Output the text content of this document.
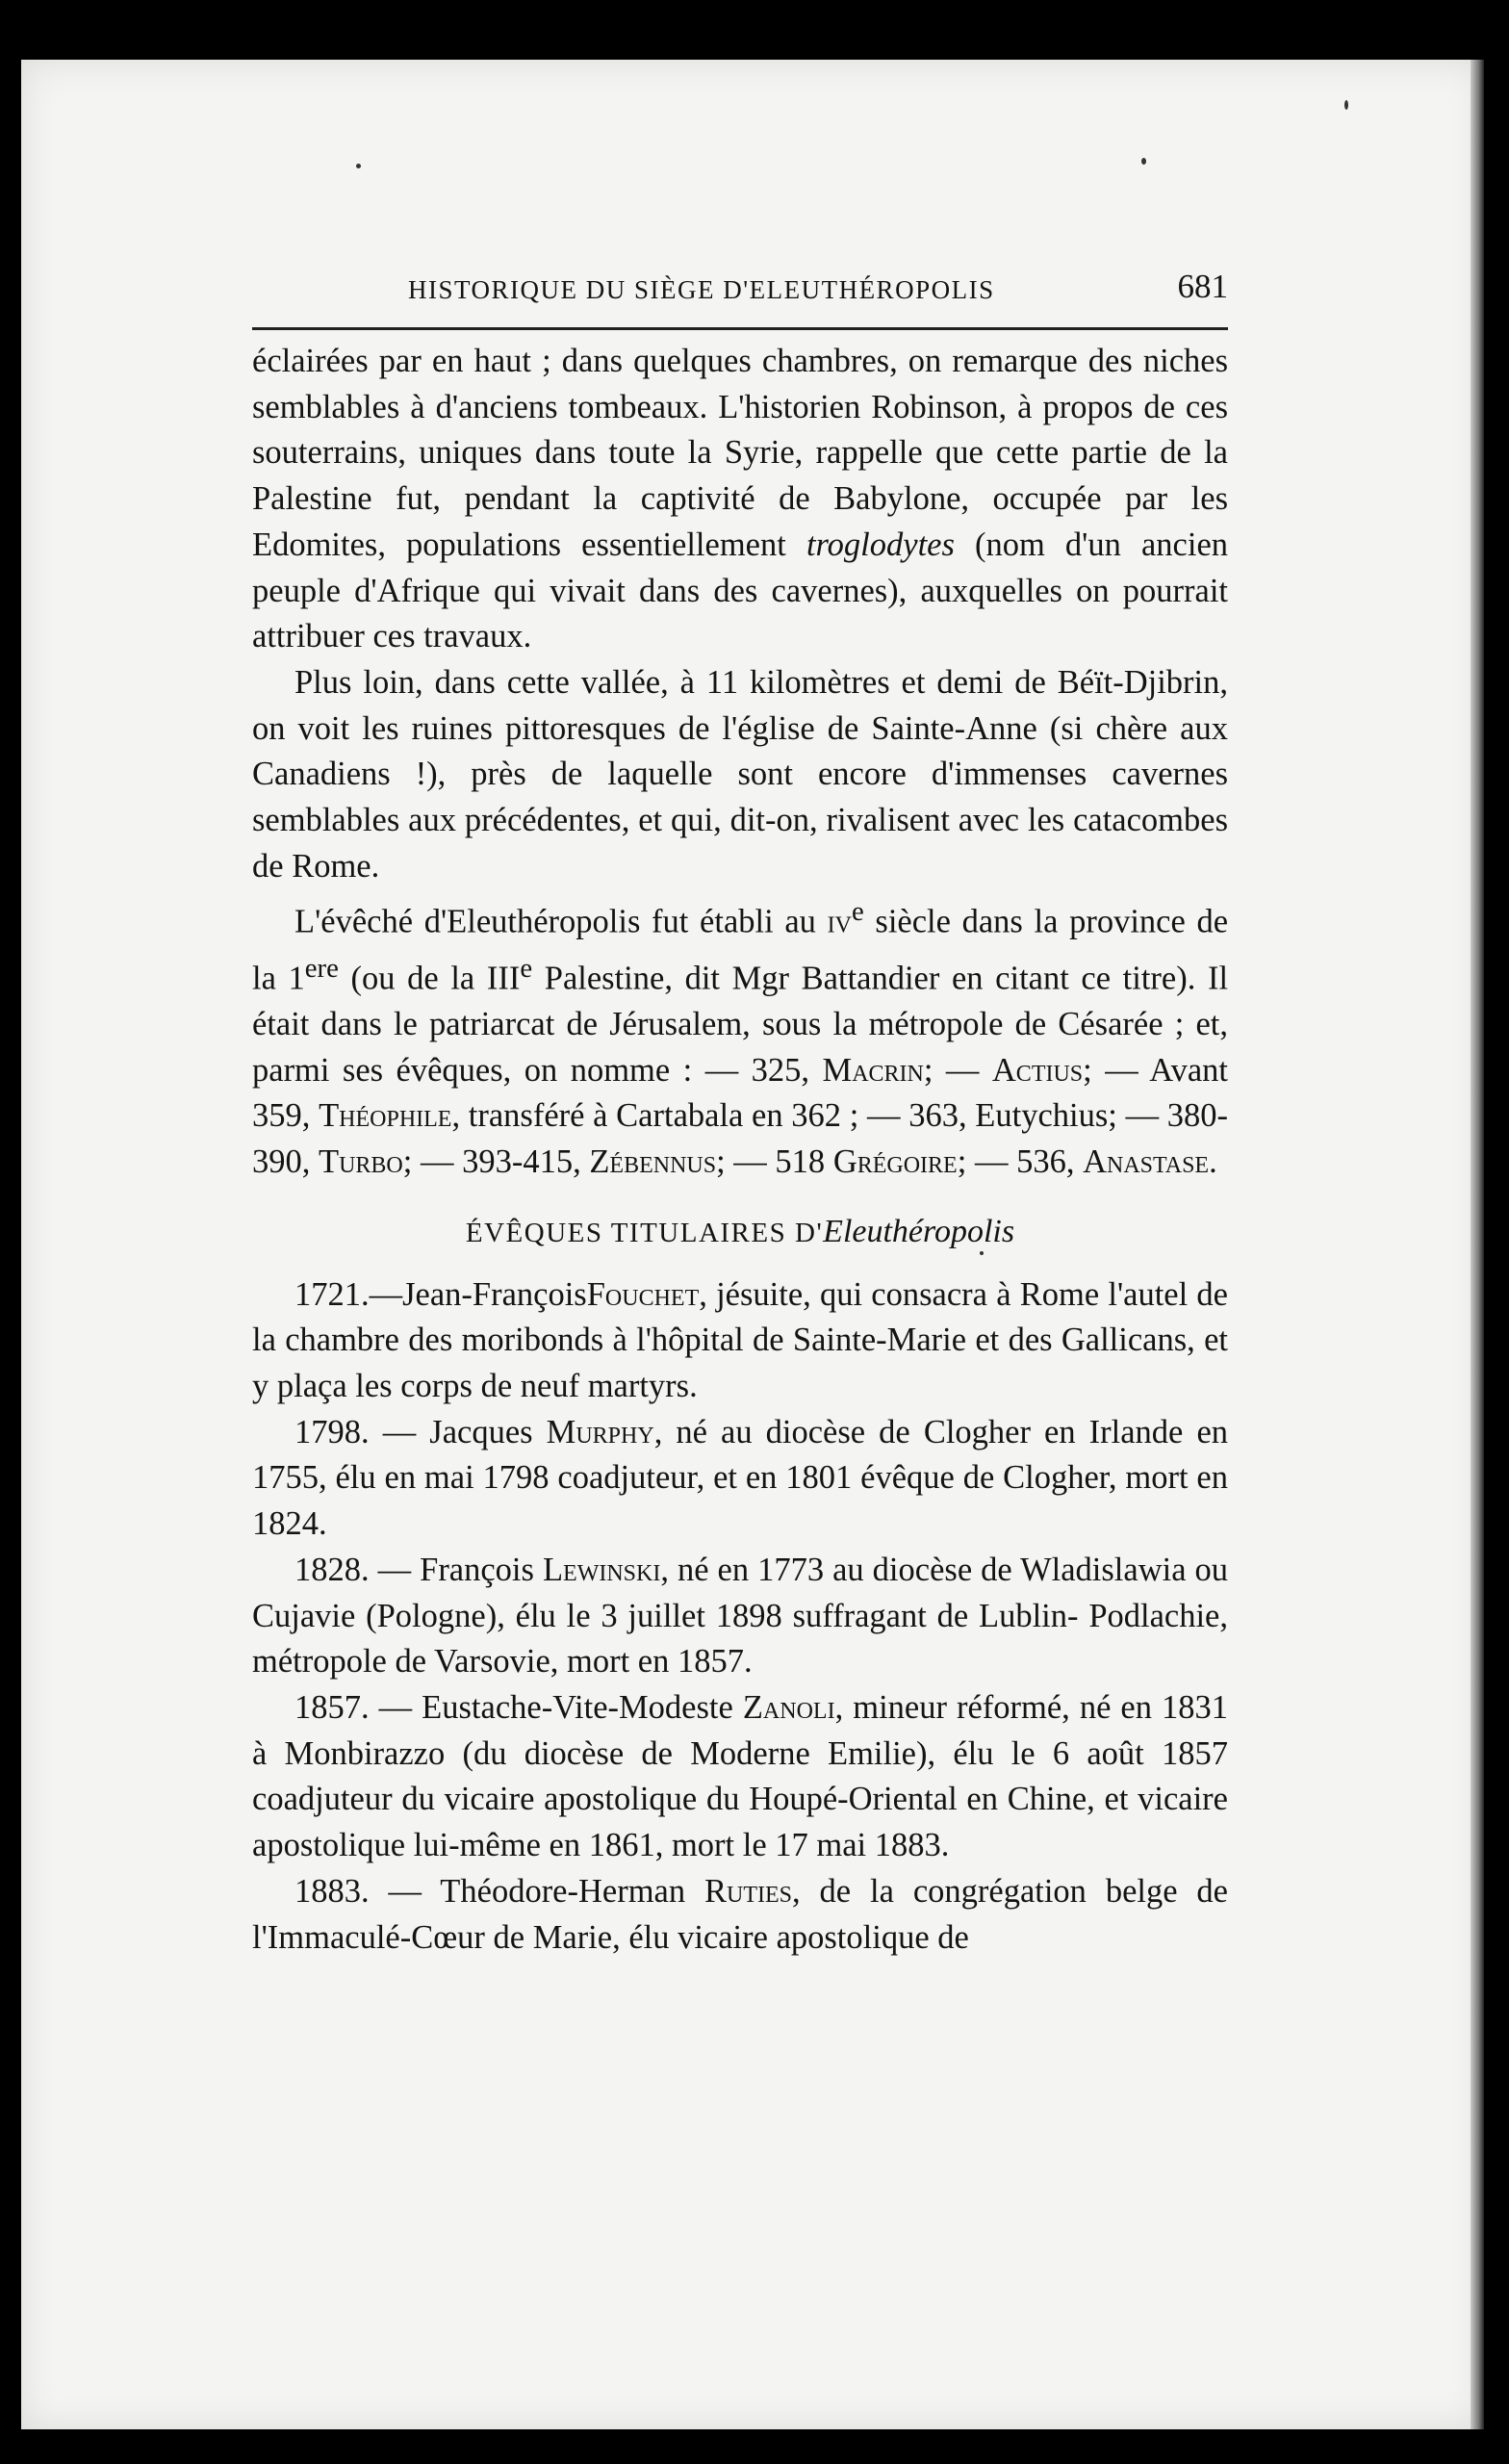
HISTORIQUE DU SIÈGE D'ELEUTHÉROPOLIS	681

éclairées par en haut ; dans quelques chambres, on remarque des niches semblables à d'anciens tombeaux. L'historien Robinson, à propos de ces souterrains, uniques dans toute la Syrie, rappelle que cette partie de la Palestine fut, pendant la captivité de Babylone, occupée par les Edomites, populations essentiellement troglodytes (nom d'un ancien peuple d'Afrique qui vivait dans des cavernes), auxquelles on pourrait attribuer ces travaux.

Plus loin, dans cette vallée, à 11 kilomètres et demi de Béït-Djibrin, on voit les ruines pittoresques de l'église de Sainte-Anne (si chère aux Canadiens !), près de laquelle sont encore d'immenses cavernes semblables aux précédentes, et qui, dit-on, rivalisent avec les catacombes de Rome.

L'évêché d'Eleuthéropolis fut établi au $iv^e$ siècle dans la province de la 1ere (ou de la IIIe Palestine, dit Mgr Battandier en citant ce titre). Il était dans le patriarcat de Jérusalem, sous la métropole de Césarée ; et, parmi ses évêques, on nomme : — 325, Macrin; — Actius; — Avant 359, Théophile, transféré à Cartabala en 362 ; — 363, Eutychius; — 380-390, Turbo; — 393-415, Zébennus; — 518 Grégoire; — 536, Anastase.

ÉVÊQUES TITULAIRES D'Eleuthéropolis

1721.—Jean-FrançoisFouchet, jésuite, qui consacra à Rome l'autel de la chambre des moribonds à l'hôpital de Sainte-Marie et des Gallicans, et y plaça les corps de neuf martyrs.

1798. — Jacques Murphy, né au diocèse de Clogher en Irlande en 1755, élu en mai 1798 coadjuteur, et en 1801 évêque de Clogher, mort en 1824.

1828. — François Lewinski, né en 1773 au diocèse de Wladislawia ou Cujavie (Pologne), élu le 3 juillet 1898 suffragant de Lublin- Podlachie, métropole de Varsovie, mort en 1857.

1857. — Eustache-Vite-Modeste Zanoli, mineur réformé, né en 1831 à Monbirazzo (du diocèse de Moderne Emilie), élu le 6 août 1857 coadjuteur du vicaire apostolique du Houpé-Oriental en Chine, et vicaire apostolique lui-même en 1861, mort le 17 mai 1883.

1883. — Théodore-Herman Ruties, de la congrégation belge de l'Immaculé-Cœur de Marie, élu vicaire apostolique de
